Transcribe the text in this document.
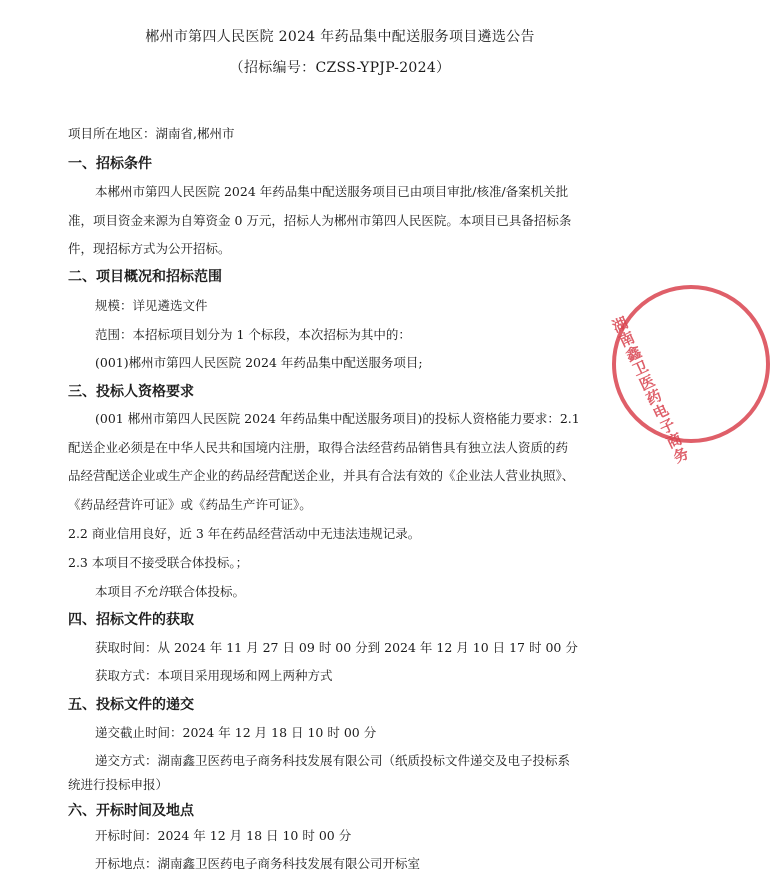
郴州市第四人民医院 2024 年药品集中配送服务项目遴选公告
（招标编号：CZSS-YPJP-2024）
项目所在地区：湖南省,郴州市
一、招标条件
本郴州市第四人民医院 2024 年药品集中配送服务项目已由项目审批/核准/备案机关批
准，项目资金来源为自筹资金 0 万元，招标人为郴州市第四人民医院。本项目已具备招标条
件，现招标方式为公开招标。
二、项目概况和招标范围
规模：详见遴选文件
范围：本招标项目划分为 1 个标段，本次招标为其中的：
(001)郴州市第四人民医院 2024 年药品集中配送服务项目;
三、投标人资格要求
(001 郴州市第四人民医院 2024 年药品集中配送服务项目)的投标人资格能力要求：2.1
配送企业必须是在中华人民共和国境内注册，取得合法经营药品销售具有独立法人资质的药
品经营配送企业或生产企业的药品经营配送企业，并具有合法有效的《企业法人营业执照》、
《药品经营许可证》或《药品生产许可证》。
2.2 商业信用良好，近 3 年在药品经营活动中无违法违规记录。
2.3 本项目不接受联合体投标。；
本项目不允许联合体投标。
四、招标文件的获取
获取时间：从 2024 年 11 月 27 日 09 时 00 分到 2024 年 12 月 10 日 17 时 00 分
获取方式：本项目采用现场和网上两种方式
五、投标文件的递交
递交截止时间：2024 年 12 月 18 日 10 时 00 分
递交方式：湖南鑫卫医药电子商务科技发展有限公司（纸质投标文件递交及电子投标系
统进行投标申报）
六、开标时间及地点
开标时间：2024 年 12 月 18 日 10 时 00 分
开标地点：湖南鑫卫医药电子商务科技发展有限公司开标室
湖南鑫卫医药电子商务
